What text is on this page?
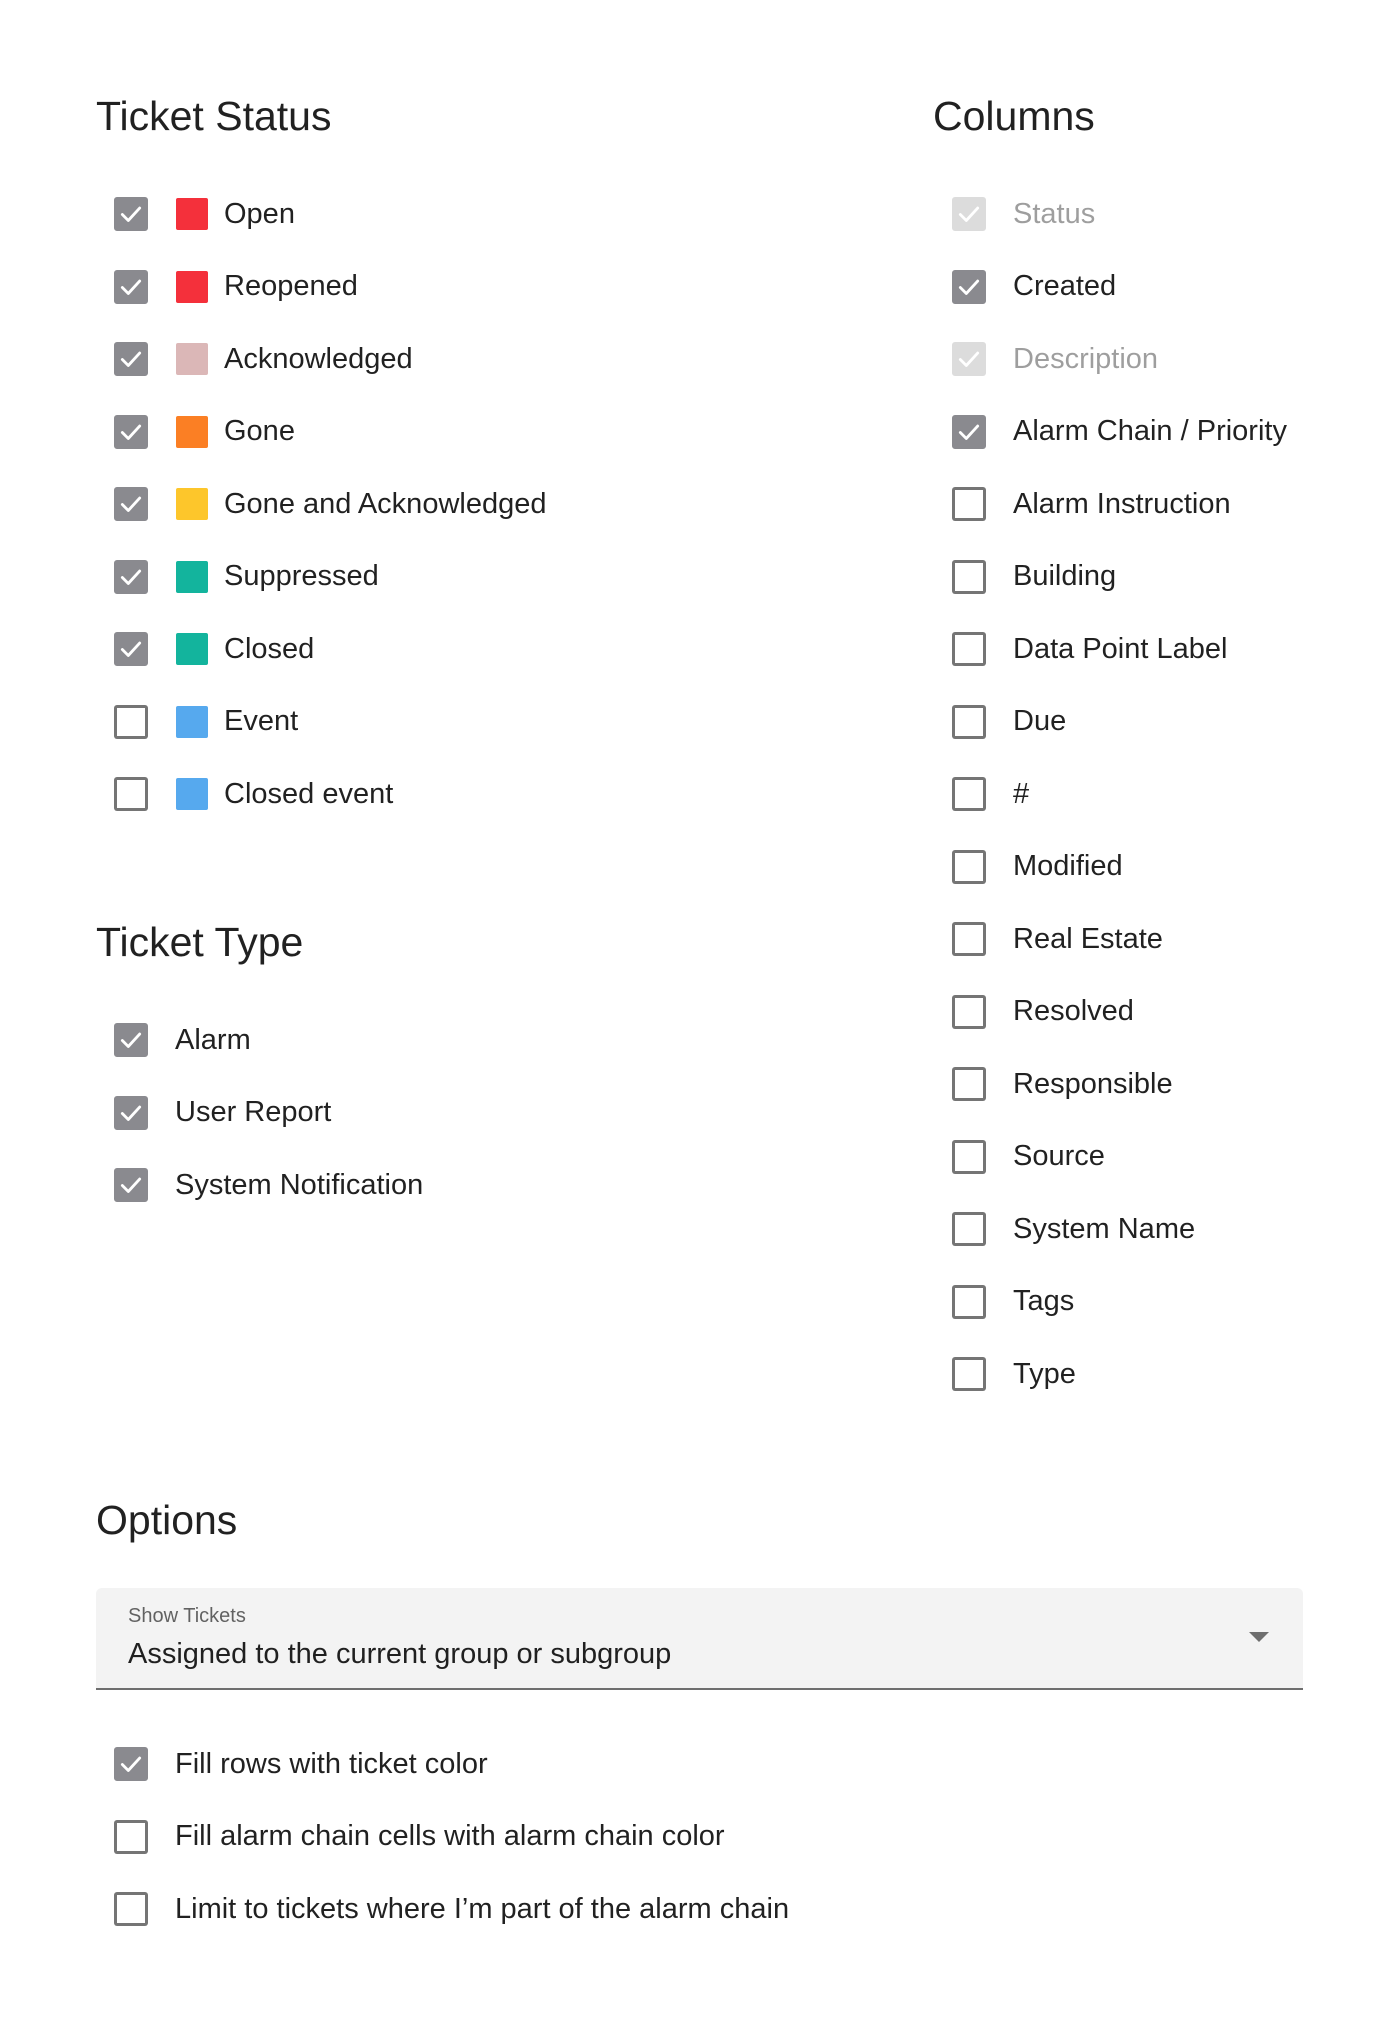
Ticket Status	Columns
Ticket Type
Options
Open
Reopened
Acknowledged
Gone
Gone and Acknowledged
Suppressed
Closed
Event
Closed event
Alarm
User Report
System Notification
Status
Created
Description
Alarm Chain / Priority
Alarm Instruction
Building
Data Point Label
Due
#
Modified
Real Estate
Resolved
Responsible
Source
System Name
Tags
Type
Show Tickets
Assigned to the current group or subgroup
Fill rows with ticket color
Fill alarm chain cells with alarm chain color
Limit to tickets where I’m part of the alarm chain
